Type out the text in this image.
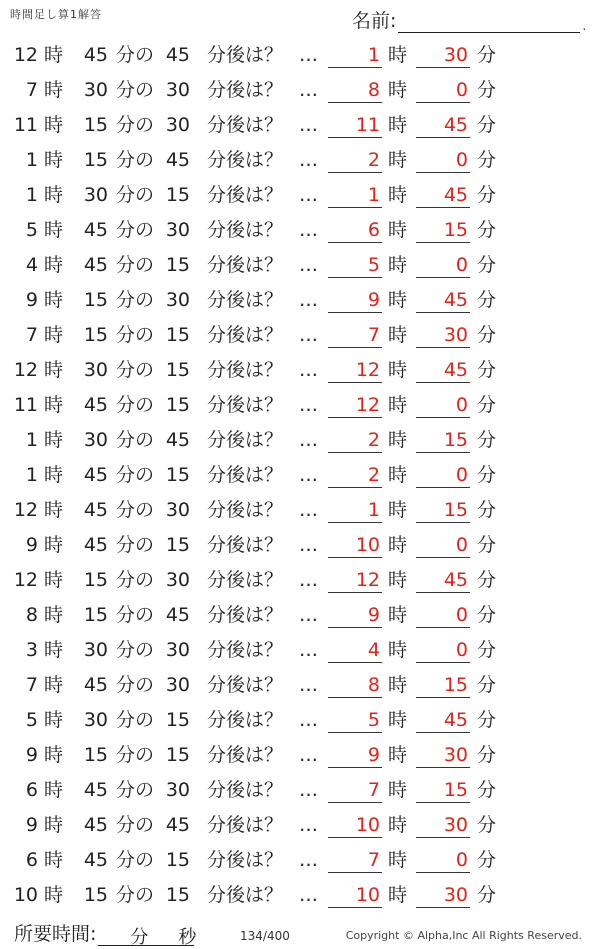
時間足し算1解答	名前:	.
12 時	45 分の 45 分後は？ …	1 時	30 分
7 時	30 分の 30 分後は？ …	8 時	0 分
11 時	15 分の 30 分後は？ …	11 時	45 分
1 時	15 分の 45 分後は？ …	2 時	0 分
1 時	30 分の 15 分後は？ …	1 時	45 分
5 時	45 分の 30 分後は？ …	6 時	15 分
4 時	45 分の 15 分後は？ …	5 時	0 分
9 時	15 分の 30 分後は？ …	9 時	45 分
7 時	15 分の 15 分後は？ …	7 時	30 分
12 時	30 分の 15 分後は？ …	12 時	45 分
11 時	45 分の 15 分後は？ …	12 時	0 分
1 時	30 分の 45 分後は？ …	2 時	15 分
1 時	45 分の 15 分後は？ …	2 時	0 分
12 時	45 分の 30 分後は？ …	1 時	15 分
9 時	45 分の 15 分後は？ …	10 時	0 分
12 時	15 分の 30 分後は？ …	12 時	45 分
8 時	15 分の 45 分後は？ …	9 時	0 分
3 時	30 分の 30 分後は？ …	4 時	0 分
7 時	45 分の 30 分後は？ …	8 時	15 分
5 時	30 分の 15 分後は？ …	5 時	45 分
9 時	15 分の 15 分後は？ …	9 時	30 分
6 時	45 分の 30 分後は？ …	7 時	15 分
9 時	45 分の 45 分後は？ …	10 時	30 分
6 時	45 分の 15 分後は？ …	7 時	0 分
10 時	15 分の 15 分後は？ …	10 時	30 分
所要時間: 分 秒	134/400	Copyright © Alpha,Inc All Rights Reserved.
